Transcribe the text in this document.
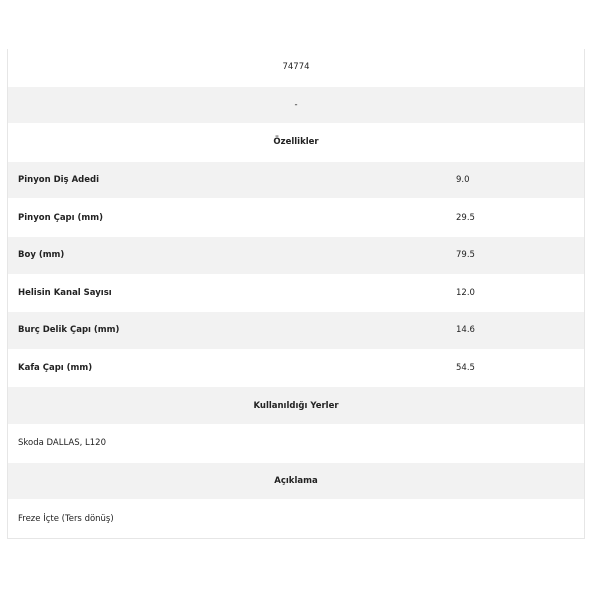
74774
-
Özellikler
Pinyon Diş Adedi	9.0
Pinyon Çapı (mm)	29.5
Boy (mm)	79.5
Helisin Kanal Sayısı	12.0
Burç Delik Çapı (mm)	14.6
Kafa Çapı (mm)	54.5
Kullanıldığı Yerler
Skoda DALLAS, L120
Açıklama
Freze İçte (Ters dönüş)
